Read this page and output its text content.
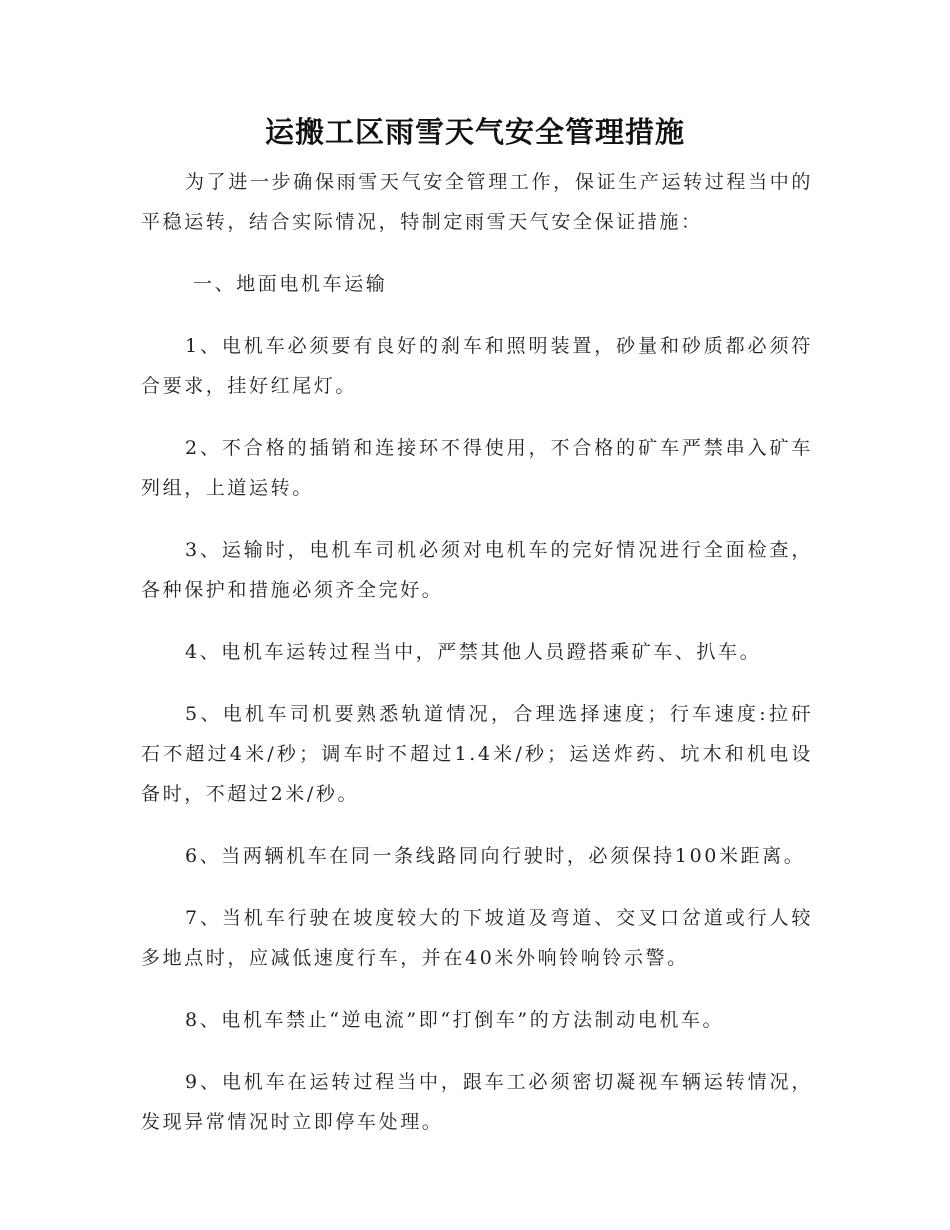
运搬工区雨雪天气安全管理措施

为了进一步确保雨雪天气安全管理工作，保证生产运转过程当中的平稳运转，结合实际情况，特制定雨雪天气安全保证措施：

一、地面电机车运输

1、电机车必须要有良好的刹车和照明装置，砂量和砂质都必须符合要求，挂好红尾灯。

2、不合格的插销和连接环不得使用，不合格的矿车严禁串入矿车列组，上道运转。

3、运输时，电机车司机必须对电机车的完好情况进行全面检查，各种保护和措施必须齐全完好。

4、电机车运转过程当中，严禁其他人员蹬搭乘矿车、扒车。

5、电机车司机要熟悉轨道情况，合理选择速度；行车速度:拉矸石不超过4米/秒；调车时不超过1.4米/秒；运送炸药、坑木和机电设备时，不超过2米/秒。

6、当两辆机车在同一条线路同向行驶时，必须保持100米距离。

7、当机车行驶在坡度较大的下坡道及弯道、交叉口岔道或行人较多地点时，应减低速度行车，并在40米外响铃响铃示警。

8、电机车禁止“逆电流”即“打倒车”的方法制动电机车。

9、电机车在运转过程当中，跟车工必须密切凝视车辆运转情况，发现异常情况时立即停车处理。
